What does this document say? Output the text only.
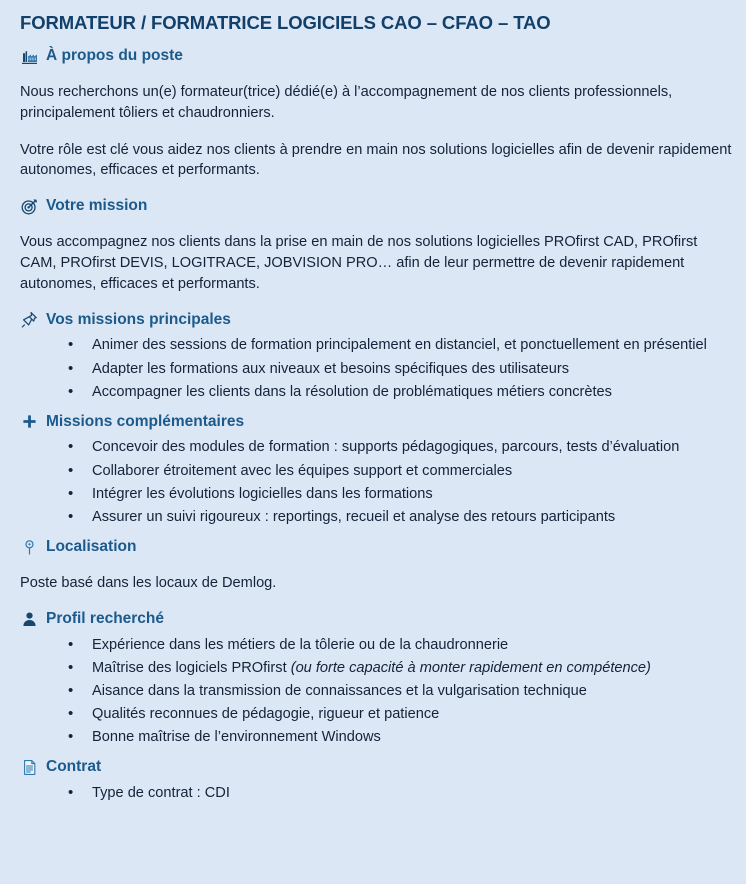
FORMATEUR / FORMATRICE LOGICIELS CAO – CFAO – TAO
À propos du poste

Nous recherchons un(e) formateur(trice) dédié(e) à l’accompagnement de nos clients professionnels, principalement tôliers et chaudronniers.

Votre rôle est clé vous aidez nos clients à prendre en main nos solutions logicielles afin de devenir rapidement autonomes, efficaces et performants.

Votre mission

Vous accompagnez nos clients dans la prise en main de nos solutions logicielles PROfirst CAD, PROfirst CAM, PROfirst DEVIS, LOGITRACE, JOBVISION PRO… afin de leur permettre de devenir rapidement autonomes, efficaces et performants.

Vos missions principales
• Animer des sessions de formation principalement en distanciel, et ponctuellement en présentiel
• Adapter les formations aux niveaux et besoins spécifiques des utilisateurs
• Accompagner les clients dans la résolution de problématiques métiers concrètes
Missions complémentaires
• Concevoir des modules de formation : supports pédagogiques, parcours, tests d’évaluation
• Collaborer étroitement avec les équipes support et commerciales
• Intégrer les évolutions logicielles dans les formations
• Assurer un suivi rigoureux : reportings, recueil et analyse des retours participants
Localisation

Poste basé dans les locaux de Demlog.

Profil recherché
• Expérience dans les métiers de la tôlerie ou de la chaudronnerie
• Maîtrise des logiciels PROfirst (ou forte capacité à monter rapidement en compétence)
• Aisance dans la transmission de connaissances et la vulgarisation technique
• Qualités reconnues de pédagogie, rigueur et patience
• Bonne maîtrise de l’environnement Windows
Contrat
• Type de contrat : CDI
